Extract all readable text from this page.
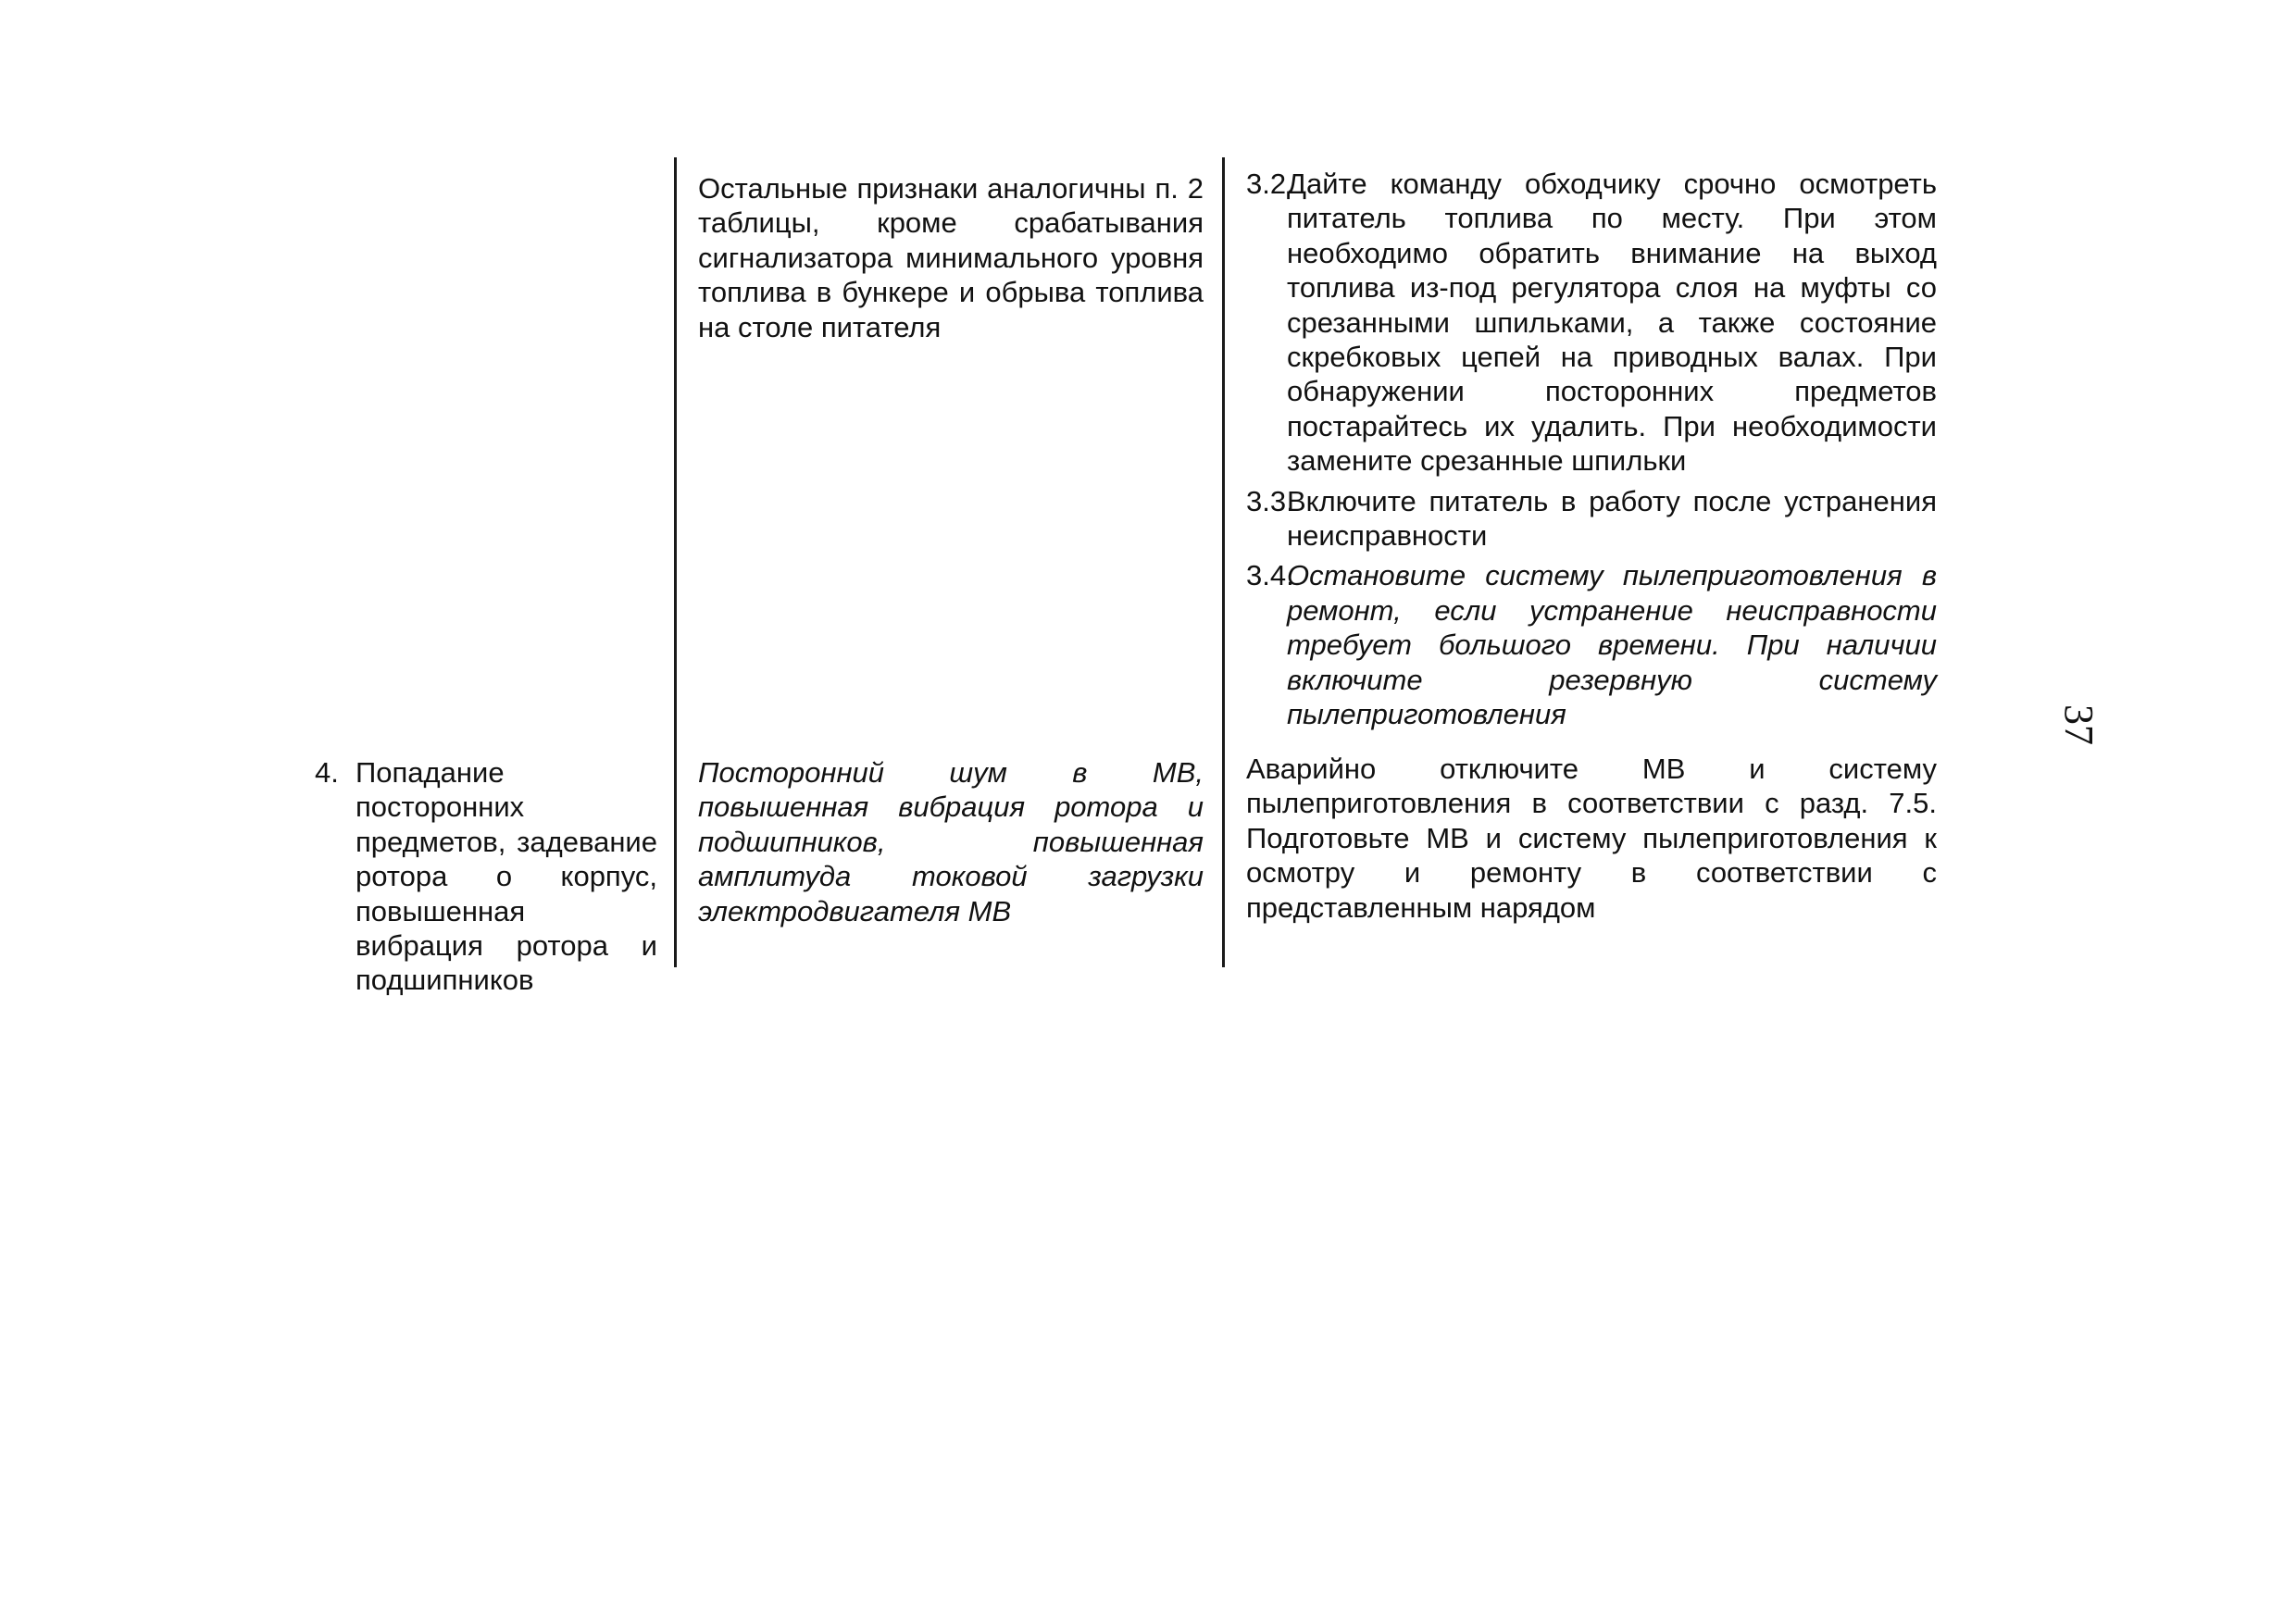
Остальные признаки аналогичны п. 2 таблицы, кроме срабатывания сигнализатора минимального уровня топлива в бункере и обрыва топлива на столе питателя

3.2.
Дайте команду обходчику срочно осмотреть питатель топлива по месту. При этом необходимо обратить внимание на выход топлива из-под регулятора слоя на муфты со срезанными шпильками, а также состояние скребковых цепей на приводных валах. При обнаружении посторонних предметов постарайтесь их удалить. При необходимости замените срезанные шпильки
3.3.
Включите питатель в работу после устранения неисправности
3.4.
Остановите систему пылеприготовления в ремонт, если устранение неисправности требует большого времени. При наличии включите резервную систему пылеприготовления
4. Попадание посторонних предметов, задевание ротора о корпус, повышенная вибрация ротора и подшипников

Посторонний шум в МВ, повышенная вибрация ротора и подшипников, повышенная амплитуда токовой загрузки электродвигателя МВ

Аварийно отключите МВ и систему пылеприготовления в соответствии с разд. 7.5. Подготовьте МВ и систему пылеприготовления к осмотру и ремонту в соответствии с представленным нарядом

37
